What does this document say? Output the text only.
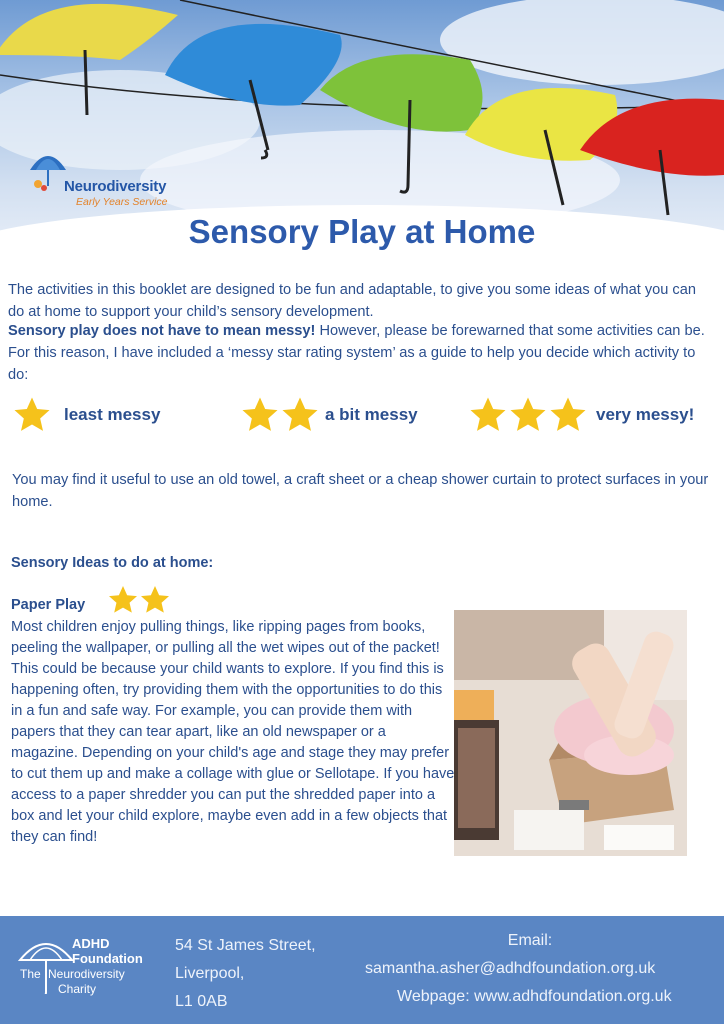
Neurodiversity
Early Years Service
Sensory Play at Home
The activities in this booklet are designed to be fun and adaptable, to give you some ideas of what you can do at home to support your child’s sensory development.
Sensory play does not have to mean messy! However, please be forewarned that some activities can be. For this reason, I have included a ‘messy star rating system’ as a guide to help you decide which activity to do:
least messy	a bit messy	very messy!
You may find it useful to use an old towel, a craft sheet or a cheap shower curtain to protect surfaces in your home.
Sensory Ideas to do at home:
Paper Play
Most children enjoy pulling things, like ripping pages from books, peeling the wallpaper, or pulling all the wet wipes out of the packet! This could be because your child wants to explore. If you find this is happening often, try providing them with the opportunities to do this in a fun and safe way. For example, you can provide them with papers that they can tear apart, like an old newspaper or a magazine. Depending on your child's age and stage they may prefer to cut them up and make a collage with glue or Sellotape. If you have access to a paper shredder you can put the shredded paper into a box and let your child explore, maybe even add in a few objects that they can find!
ADHD
Foundation
The Neurodiversity
Charity
54 St James Street,
Liverpool,
L1 0AB
Email:
samantha.asher@adhdfoundation.org.uk
Webpage: www.adhdfoundation.org.uk
